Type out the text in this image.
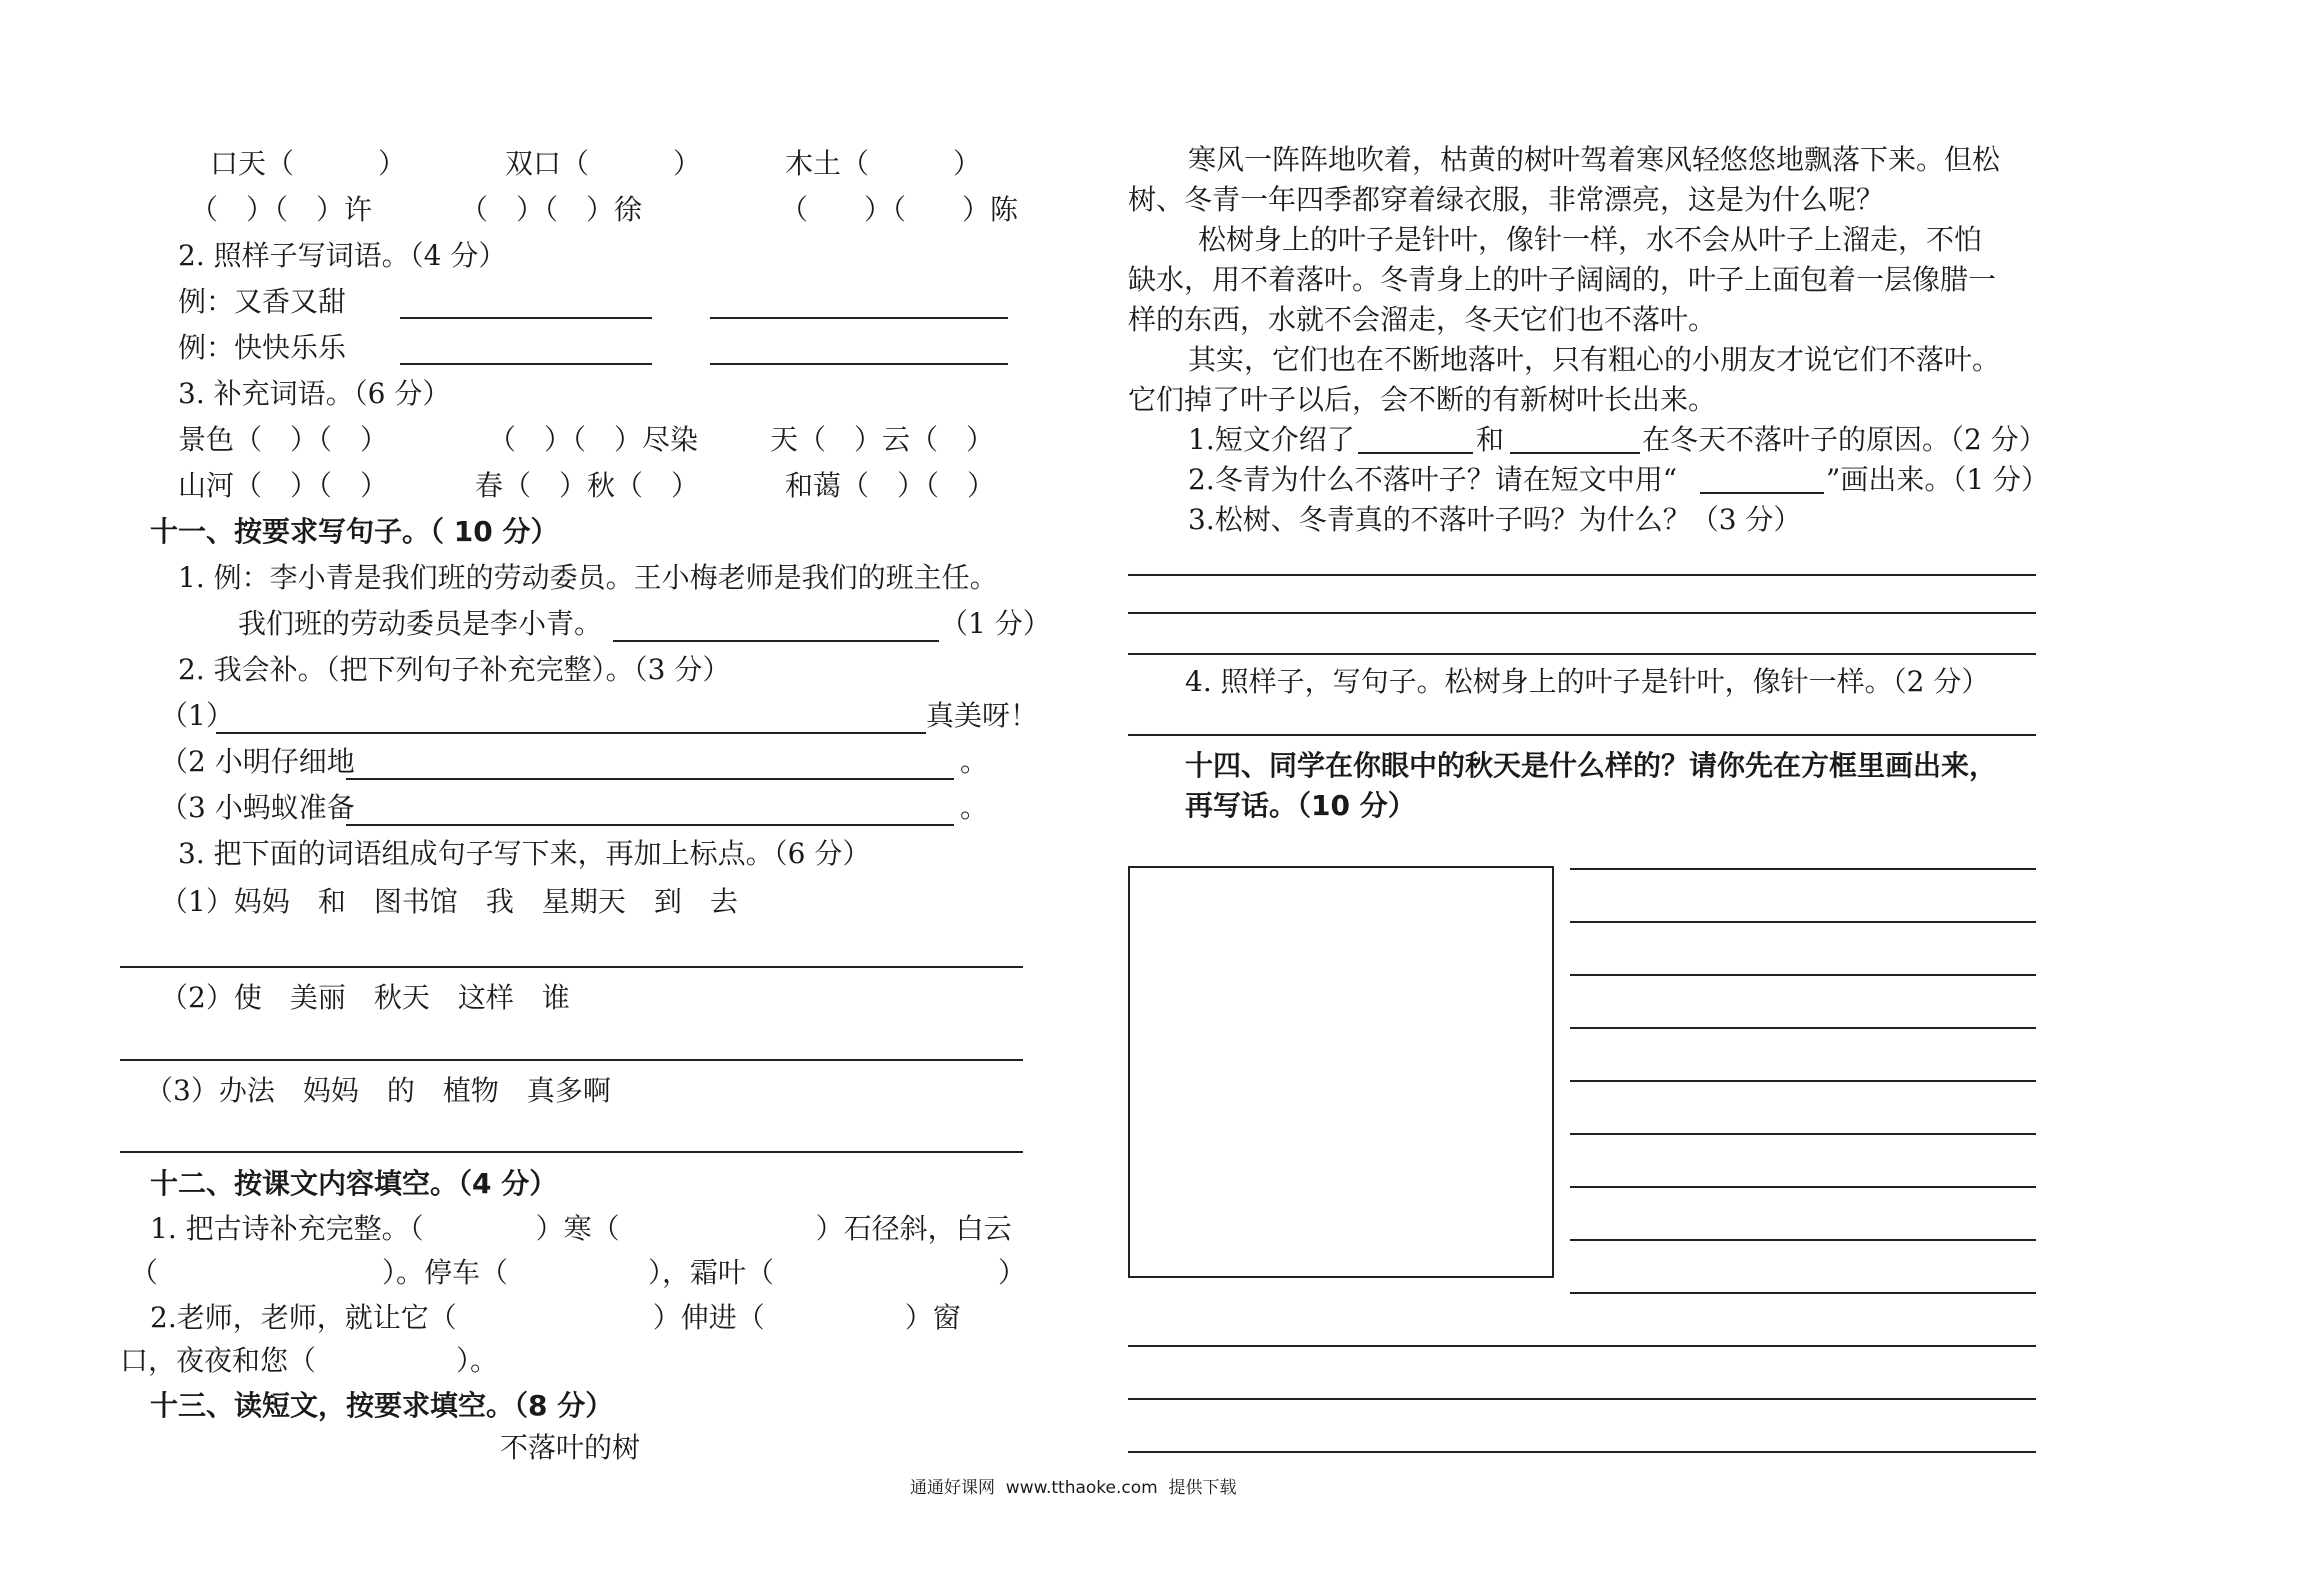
口天（　　　）	双口（　　　）	木土（　　　）
（　）（　）许	（　）（　）徐	（　　）（　　）陈
2. 照样子写词语。（4 分）
例：又香又甜
例：快快乐乐
3. 补充词语。（6 分）
景色（　）（　）	（　）（　）尽染	天（　）云（　）
山河（　）（　）	春（　）秋（　）	和蔼（　）（　）
十一、按要求写句子。（ 10 分）
1. 例：李小青是我们班的劳动委员。王小梅老师是我们的班主任。
我们班的劳动委员是李小青。	（1 分）
2. 我会补。（把下列句子补充完整）。（3 分）
（1）	真美呀！
（2 小明仔细地	。
（3 小蚂蚁准备	。
3. 把下面的词语组成句子写下来，再加上标点。（6 分）
（1）妈妈　和　图书馆　我　星期天　到　去
（2）使　美丽　秋天　这样　谁
（3）办法　妈妈　的　植物　真多啊
十二、按课文内容填空。（4 分）
1. 把古诗补充完整。（　　　　）寒（　　　　　　　）石径斜，白云
（　　　　　　　　）。停车（　　　　　），霜叶（　　　　　　　　）
2.老师，老师，就让它（　　　　　　　）伸进（　　　　　）窗
口，夜夜和您（　　　　　）。
十三、读短文，按要求填空。（8 分）
不落叶的树
寒风一阵阵地吹着，枯黄的树叶驾着寒风轻悠悠地飘落下来。但松
树、冬青一年四季都穿着绿衣服，非常漂亮，这是为什么呢？
松树身上的叶子是针叶，像针一样，水不会从叶子上溜走，不怕
缺水，用不着落叶。冬青身上的叶子阔阔的，叶子上面包着一层像腊一
样的东西，水就不会溜走，冬天它们也不落叶。
其实，它们也在不断地落叶，只有粗心的小朋友才说它们不落叶。
它们掉了叶子以后，会不断的有新树叶长出来。
1.短文介绍了	和	在冬天不落叶子的原因。（2 分）
2.冬青为什么不落叶子？请在短文中用“	”画出来。（1 分）
3.松树、冬青真的不落叶子吗？为什么？（3 分）
4. 照样子，写句子。松树身上的叶子是针叶，像针一样。（2 分）
十四、同学在你眼中的秋天是什么样的？请你先在方框里画出来，
再写话。（10 分）
通通好课网  www.tthaoke.com  提供下载
